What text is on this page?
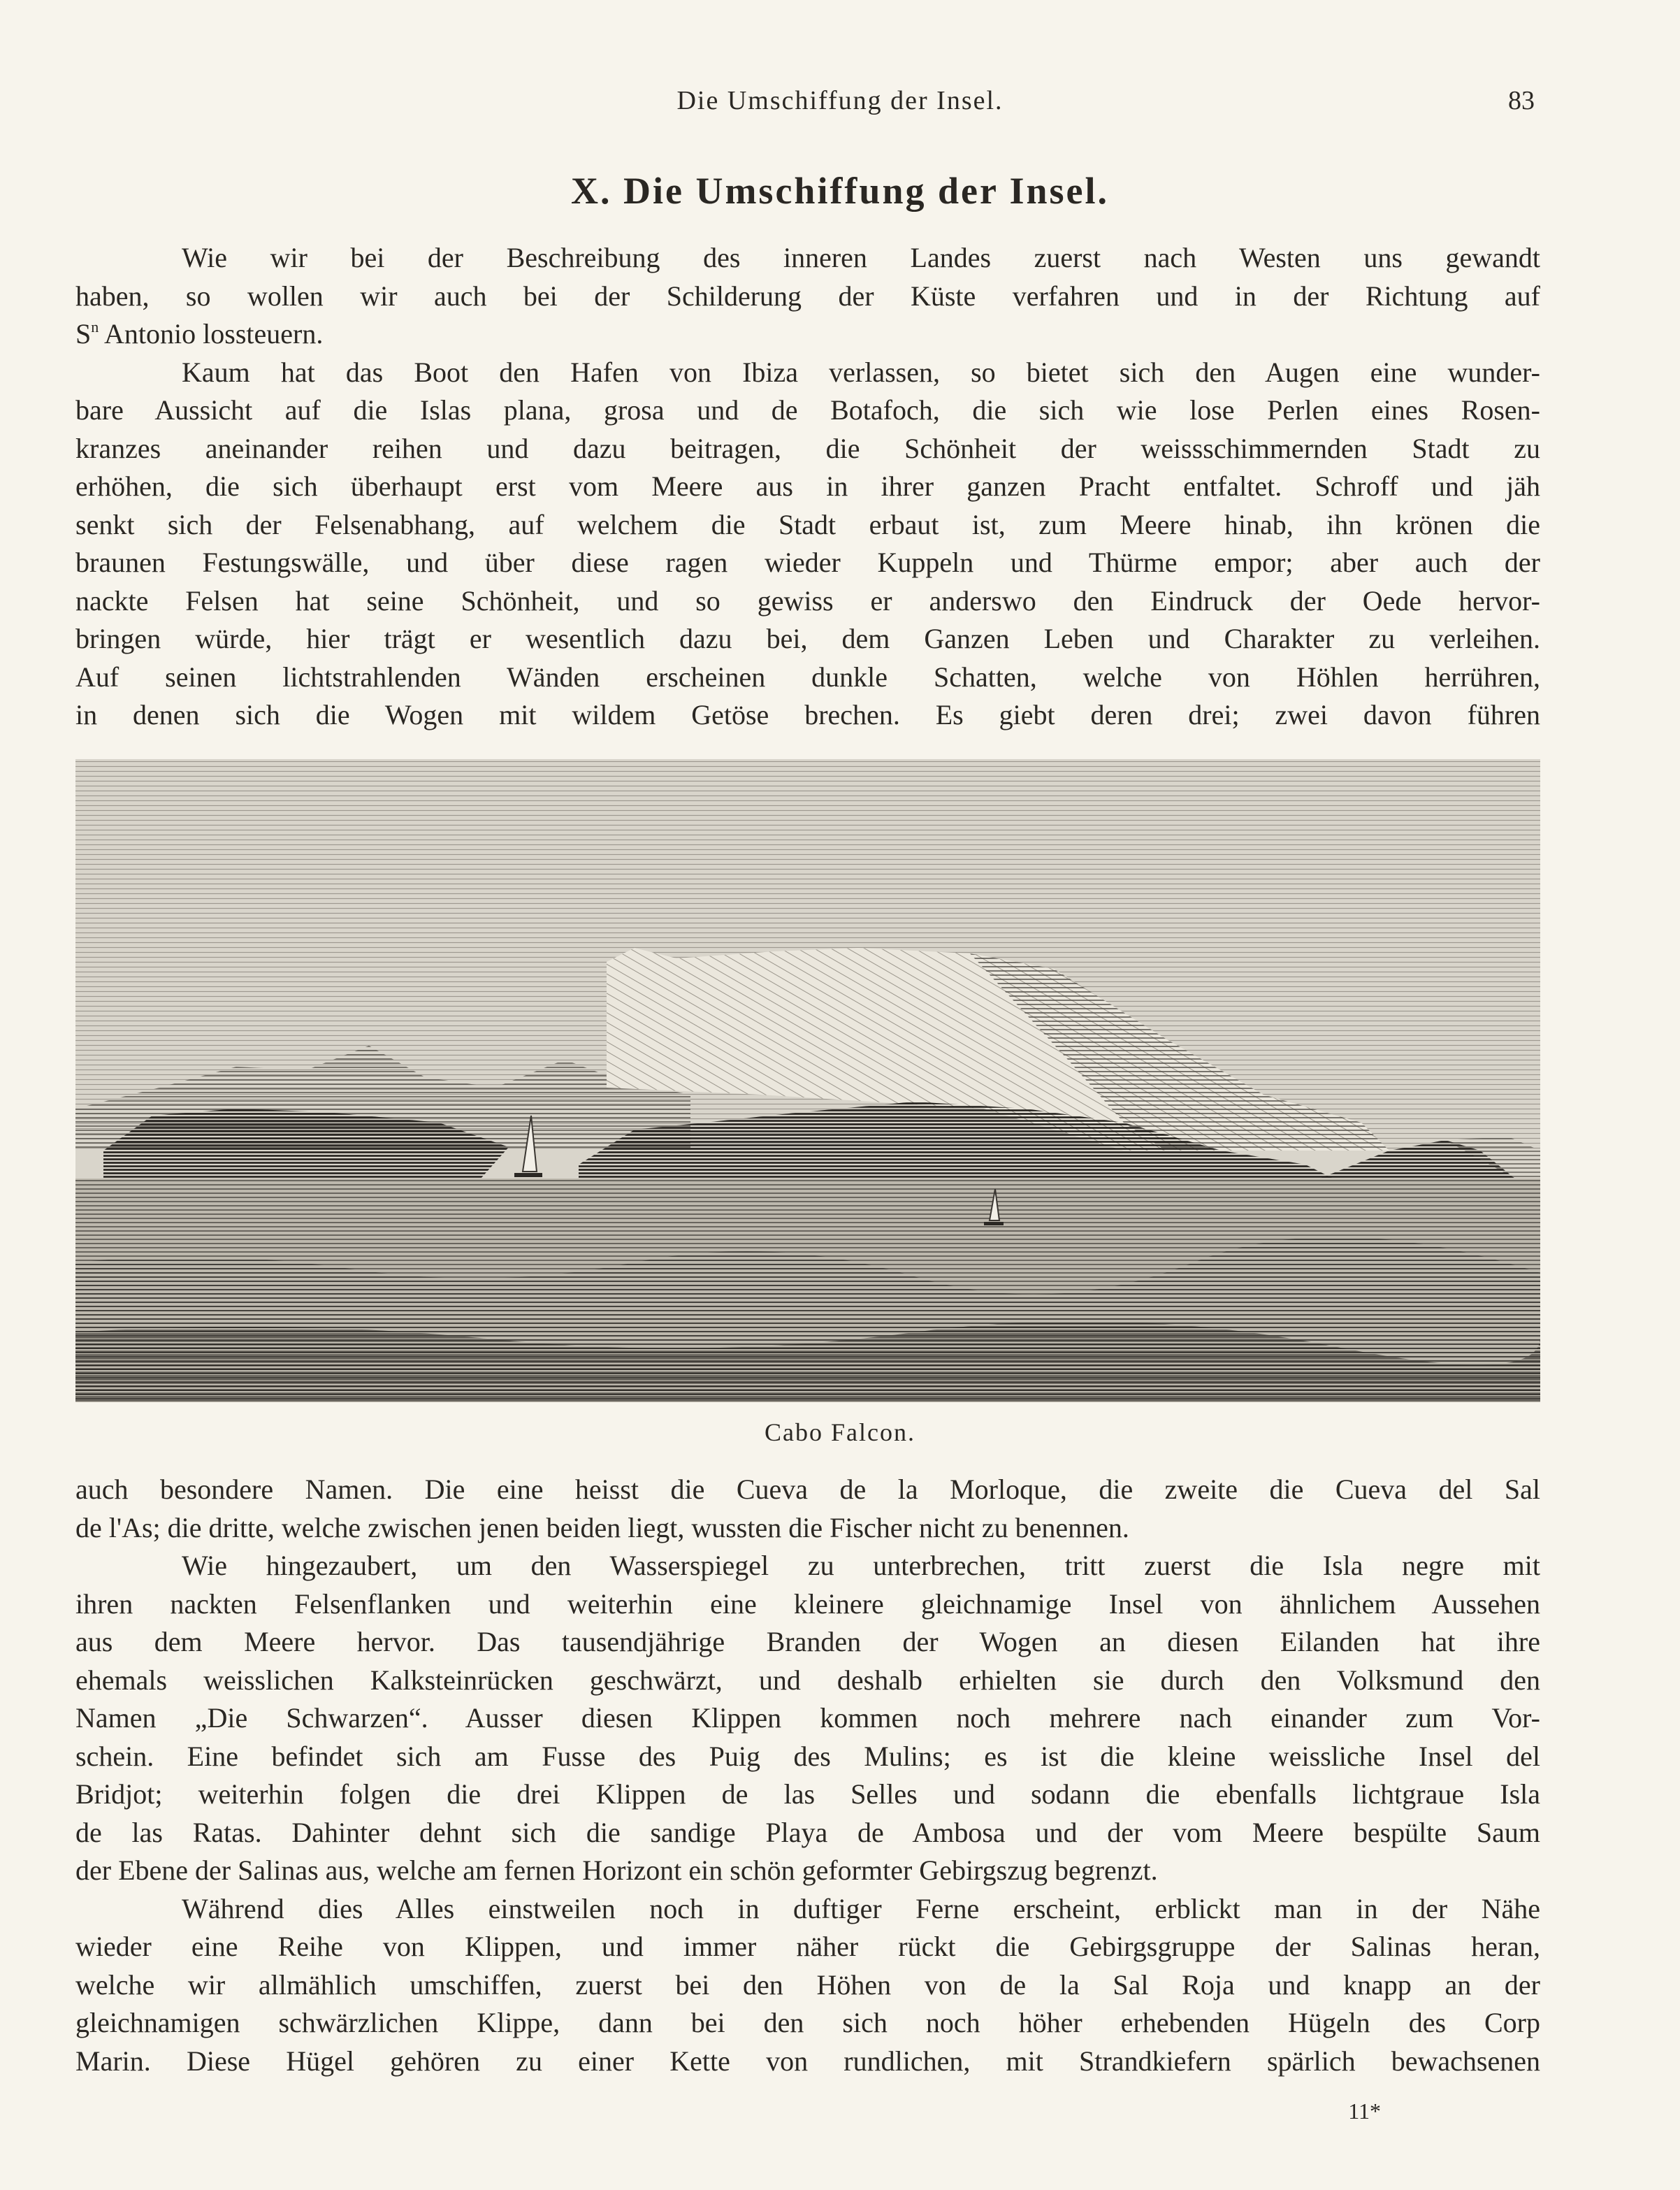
Die Umschiffung der Insel.	83
X. Die Umschiffung der Insel.

Wie wir bei der Beschreibung des inneren Landes zuerst nach Westen uns gewandt
haben, so wollen wir auch bei der Schilderung der Küste verfahren und in der Richtung auf
$S^n$ Antonio lossteuern.

Kaum hat das Boot den Hafen von Ibiza verlassen, so bietet sich den Augen eine wunder-
bare Aussicht auf die Islas plana, grosa und de Botafoch, die sich wie lose Perlen eines Rosen-
kranzes aneinander reihen und dazu beitragen, die Schönheit der weissschimmernden Stadt zu
erhöhen, die sich überhaupt erst vom Meere aus in ihrer ganzen Pracht entfaltet. Schroff und jäh
senkt sich der Felsenabhang, auf welchem die Stadt erbaut ist, zum Meere hinab, ihn krönen die
braunen Festungswälle, und über diese ragen wieder Kuppeln und Thürme empor; aber auch der
nackte Felsen hat seine Schönheit, und so gewiss er anderswo den Eindruck der Oede hervor-
bringen würde, hier trägt er wesentlich dazu bei, dem Ganzen Leben und Charakter zu verleihen.
Auf seinen lichtstrahlenden Wänden erscheinen dunkle Schatten, welche von Höhlen herrühren,
in denen sich die Wogen mit wildem Getöse brechen. Es giebt deren drei; zwei davon führen

Cabo Falcon.

auch besondere Namen. Die eine heisst die Cueva de la Morloque, die zweite die Cueva del Sal
de l'As; die dritte, welche zwischen jenen beiden liegt, wussten die Fischer nicht zu benennen.

Wie hingezaubert, um den Wasserspiegel zu unterbrechen, tritt zuerst die Isla negre mit
ihren nackten Felsenflanken und weiterhin eine kleinere gleichnamige Insel von ähnlichem Aussehen
aus dem Meere hervor. Das tausendjährige Branden der Wogen an diesen Eilanden hat ihre
ehemals weisslichen Kalksteinrücken geschwärzt, und deshalb erhielten sie durch den Volksmund den
Namen „Die Schwarzen“. Ausser diesen Klippen kommen noch mehrere nach einander zum Vor-
schein. Eine befindet sich am Fusse des Puig des Mulins; es ist die kleine weissliche Insel del
Bridjot; weiterhin folgen die drei Klippen de las Selles und sodann die ebenfalls lichtgraue Isla
de las Ratas. Dahinter dehnt sich die sandige Playa de Ambosa und der vom Meere bespülte Saum
der Ebene der Salinas aus, welche am fernen Horizont ein schön geformter Gebirgszug begrenzt.

Während dies Alles einstweilen noch in duftiger Ferne erscheint, erblickt man in der Nähe
wieder eine Reihe von Klippen, und immer näher rückt die Gebirgsgruppe der Salinas heran,
welche wir allmählich umschiffen, zuerst bei den Höhen von de la Sal Roja und knapp an der
gleichnamigen schwärzlichen Klippe, dann bei den sich noch höher erhebenden Hügeln des Corp
Marin. Diese Hügel gehören zu einer Kette von rundlichen, mit Strandkiefern spärlich bewachsenen

11*
